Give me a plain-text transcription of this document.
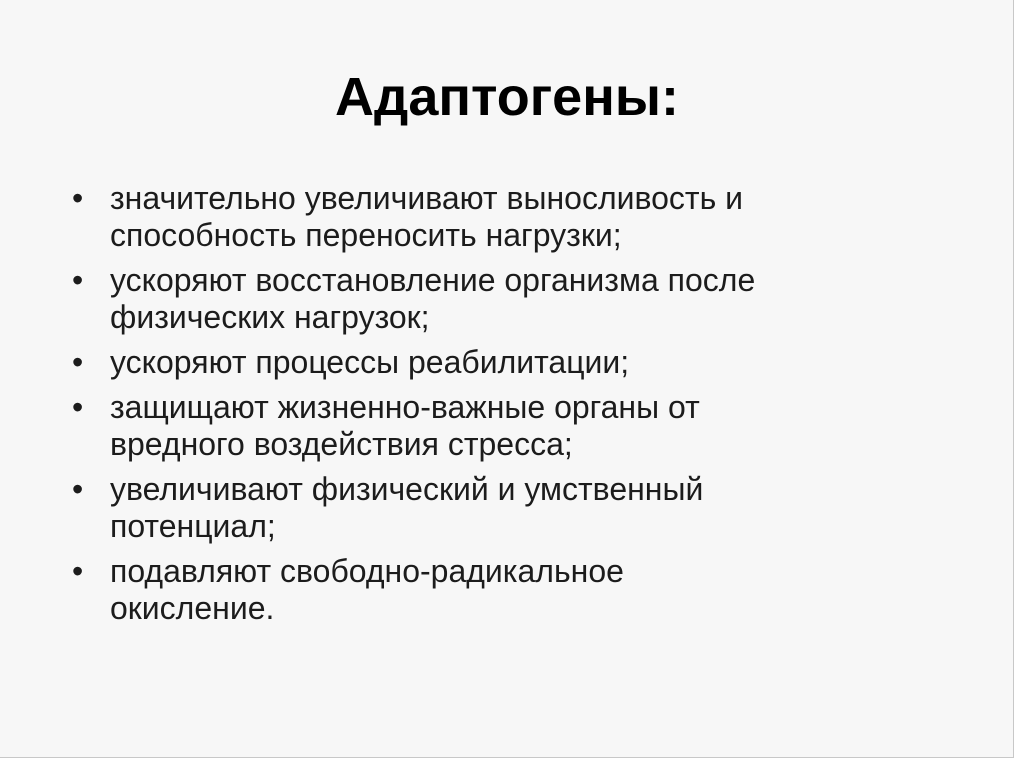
Адаптогены:
• значительно увеличивают выносливость и
способность переносить нагрузки;
• ускоряют восстановление организма после
физических нагрузок;
• ускоряют процессы реабилитации;
• защищают жизненно-важные органы от
вредного воздействия стресса;
• увеличивают физический и умственный
потенциал;
• подавляют свободно-радикальное
окисление.
